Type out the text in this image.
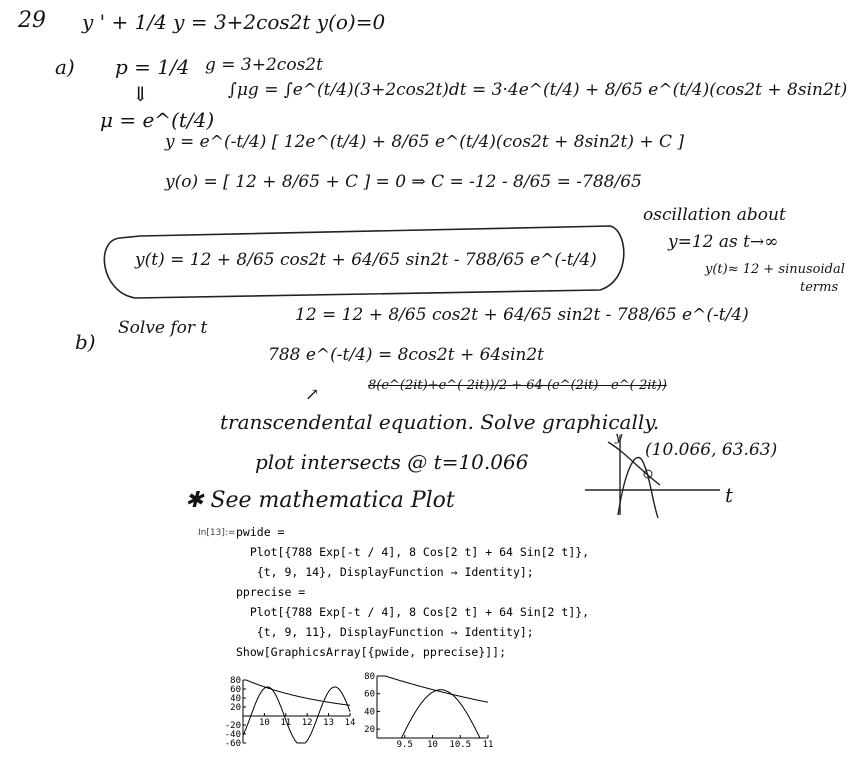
29 y ' + 1/4 y = 3+2cos2t y(o)=0
a) p = 1/4 g = 3+2cos2t
⇓
μ = e^(t/4)
∫μg = ∫e^(t/4)(3+2cos2t)dt = 3·4e^(t/4) + 8/65 e^(t/4)(cos2t + 8sin2t)
y = e^(-t/4) [ 12e^(t/4) + 8/65 e^(t/4)(cos2t + 8sin2t) + C ]
y(o) = [ 12 + 8/65 + C ] = 0 ⇒ C = -12 - 8/65 = -788/65
y(t) = 12 + 8/65 cos2t + 64/65 sin2t - 788/65 e^(-t/4)
oscillation about
y=12 as t→∞
y(t)≈ 12 + sinusoidal
terms
b)
Solve for t
12 = 12 + 8/65 cos2t + 64/65 sin2t - 788/65 e^(-t/4)
788 e^(-t/4) = 8cos2t + 64sin2t
8(e^(2it)+e^(-2it))/2 + 64 (e^(2it) - e^(-2it))
↗
transcendental equation. Solve graphically.
plot intersects @ t=10.066
✱ See mathematica Plot
y
t
(10.066, 63.63)
In[13]:= pwide =
Plot[{788 Exp[-t / 4], 8 Cos[2 t] + 64 Sin[2 t]},
{t, 9, 14}, DisplayFunction → Identity];
pprecise =
Plot[{788 Exp[-t / 4], 8 Cos[2 t] + 64 Sin[2 t]},
{t, 9, 11}, DisplayFunction → Identity];
Show[GraphicsArray[{pwide, pprecise}]];
80
60
40
20
-20
-40
-60
10 11 12 13 14
80
60
40
20
9.5 10 10.5 11
